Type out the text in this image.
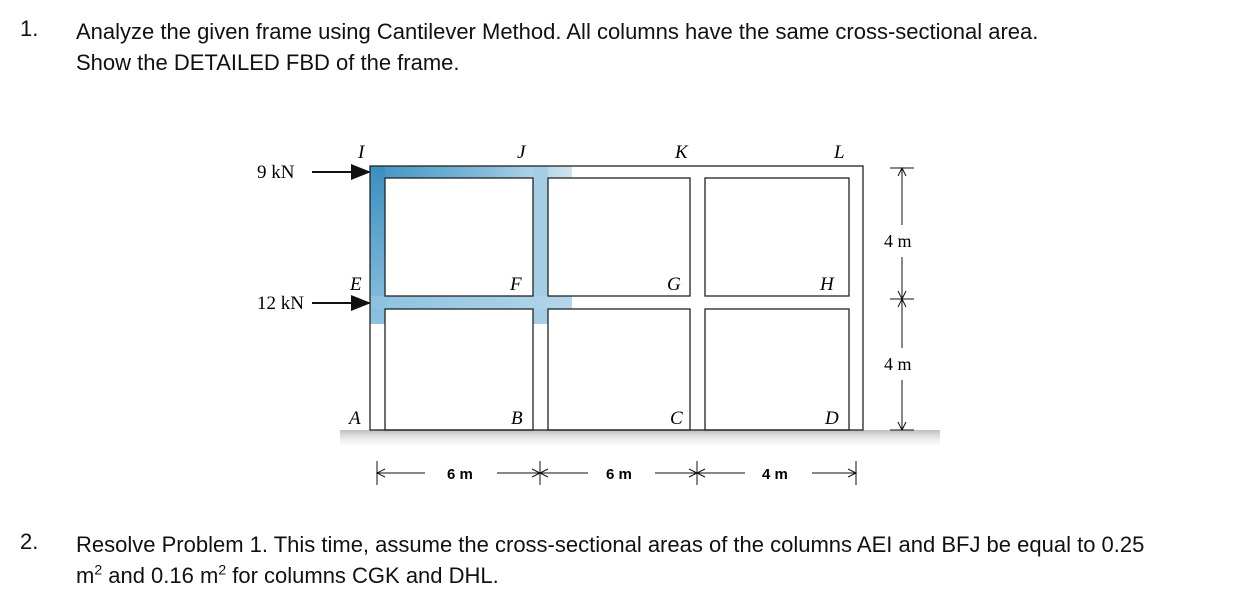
1. Analyze the given frame using Cantilever Method. All columns have the same cross-sectional area.
Show the DETAILED FBD of the frame.
9 kN
12 kN
I	J	K	L
E	F	G	H
A	B	C	D
6 m	6 m	4 m
4 m
4 m
2. Resolve Problem 1. This time, assume the cross-sectional areas of the columns AEI and BFJ be equal to 0.25
$m^2$ and 0.16 $m^2$ for columns CGK and DHL.
